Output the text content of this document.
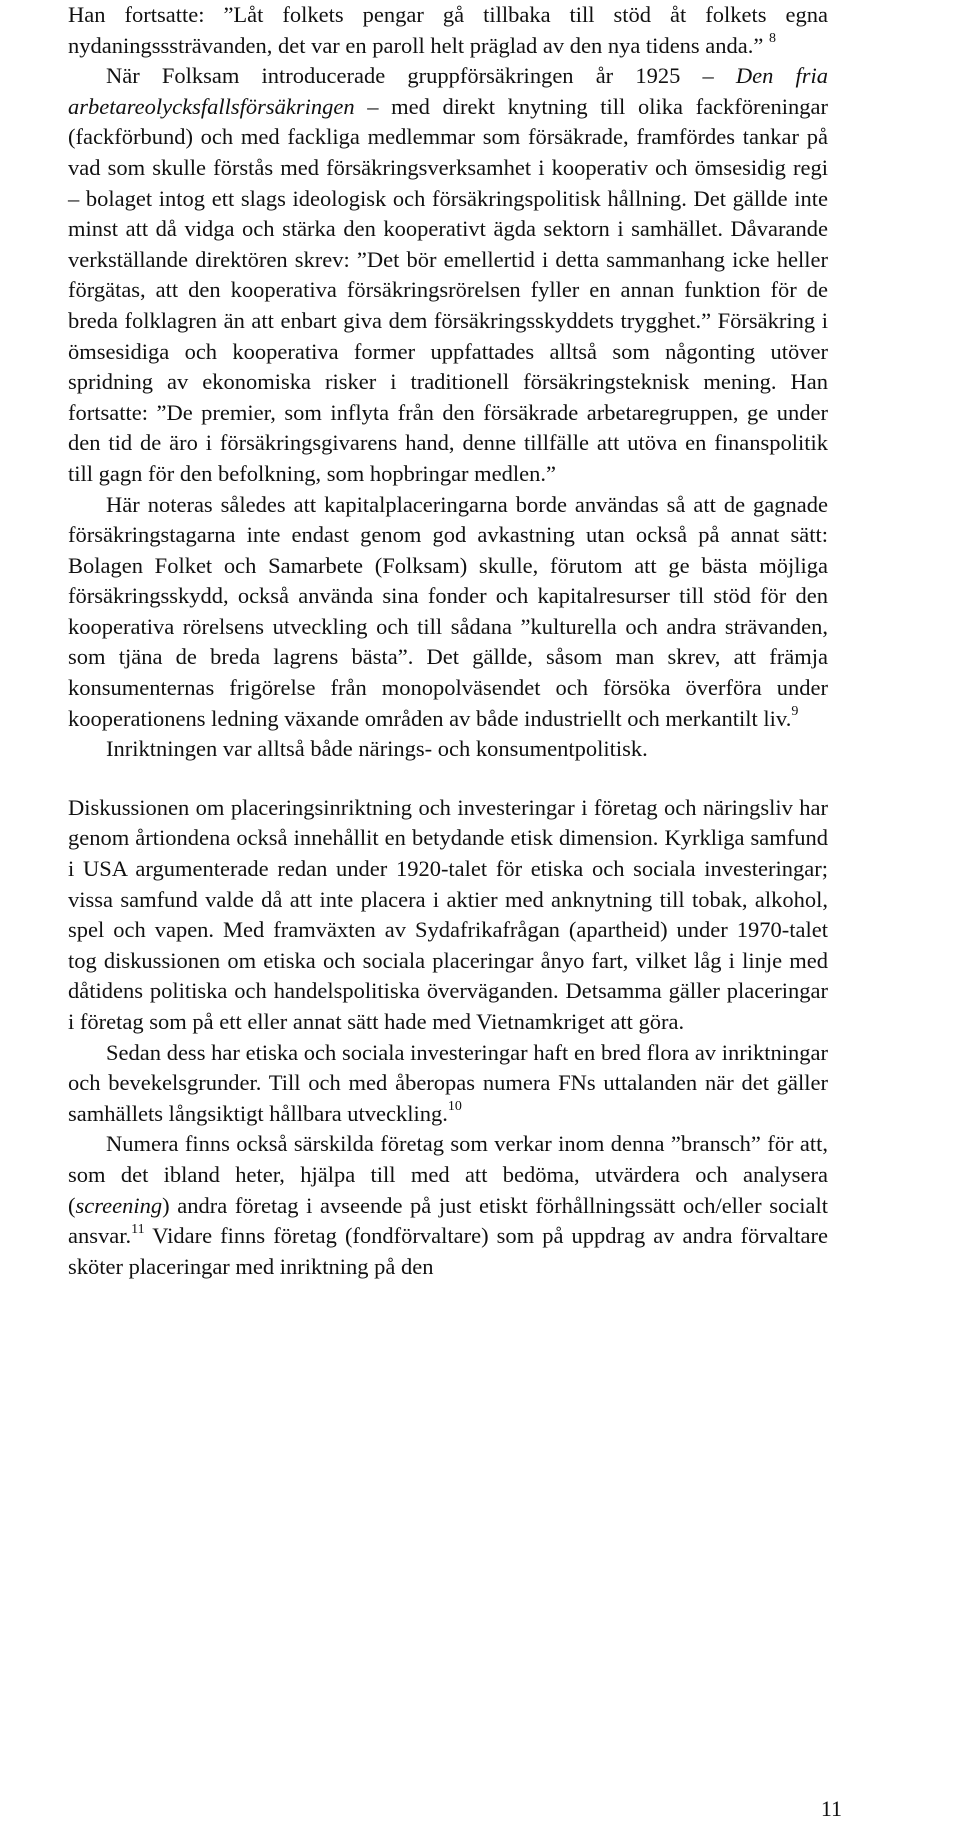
Han fortsatte: ”Låt folkets pengar gå tillbaka till stöd åt folkets egna nydaningsssträvanden, det var en paroll helt präglad av den nya tidens anda.” $^8$

När Folksam introducerade gruppförsäkringen år 1925 – Den fria arbetareolycksfallsförsäkringen – med direkt knytning till olika fackföreningar (fackförbund) och med fackliga medlemmar som försäkrade, framfördes tankar på vad som skulle förstås med försäkringsverksamhet i kooperativ och ömsesidig regi – bolaget intog ett slags ideologisk och försäkringspolitisk hållning. Det gällde inte minst att då vidga och stärka den kooperativt ägda sektorn i samhället. Dåvarande verkställande direktören skrev: ”Det bör emellertid i detta sammanhang icke heller förgätas, att den kooperativa försäkringsrörelsen fyller en annan funktion för de breda folklagren än att enbart giva dem försäkringsskyddets trygghet.” Försäkring i ömsesidiga och kooperativa former uppfattades alltså som någonting utöver spridning av ekonomiska risker i traditionell försäkringsteknisk mening. Han fortsatte: ”De premier, som inflyta från den försäkrade arbetaregruppen, ge under den tid de äro i försäkringsgivarens hand, denne tillfälle att utöva en finanspolitik till gagn för den befolkning, som hopbringar medlen.”

Här noteras således att kapitalplaceringarna borde användas så att de gagnade försäkringstagarna inte endast genom god avkastning utan också på annat sätt: Bolagen Folket och Samarbete (Folksam) skulle, förutom att ge bästa möjliga försäkringsskydd, också använda sina fonder och kapitalresurser till stöd för den kooperativa rörelsens utveckling och till sådana ”kulturella och andra strävanden, som tjäna de breda lagrens bästa”. Det gällde, såsom man skrev, att främja konsumenternas frigörelse från monopolväsendet och försöka överföra under kooperationens ledning växande områden av både industriellt och merkantilt liv.$^9$

Inriktningen var alltså både närings- och konsumentpolitisk.

Diskussionen om placeringsinriktning och investeringar i företag och näringsliv har genom årtiondena också innehållit en betydande etisk dimension. Kyrkliga samfund i USA argumenterade redan under 1920-talet för etiska och sociala investeringar; vissa samfund valde då att inte placera i aktier med anknytning till tobak, alkohol, spel och vapen. Med framväxten av Sydafrikafrågan (apartheid) under 1970-talet tog diskussionen om etiska och sociala placeringar ånyo fart, vilket låg i linje med dåtidens politiska och handelspolitiska överväganden. Detsamma gäller placeringar i företag som på ett eller annat sätt hade med Vietnamkriget att göra.

Sedan dess har etiska och sociala investeringar haft en bred flora av inriktningar och bevekelsgrunder. Till och med åberopas numera FNs uttalanden när det gäller samhällets långsiktigt hållbara utveckling.$^{10}$

Numera finns också särskilda företag som verkar inom denna ”bransch” för att, som det ibland heter, hjälpa till med att bedöma, utvärdera och analysera (screening) andra företag i avseende på just etiskt förhållningssätt och/eller socialt ansvar.$^{11}$ Vidare finns företag (fondförvaltare) som på uppdrag av andra förvaltare sköter placeringar med inriktning på den

11
